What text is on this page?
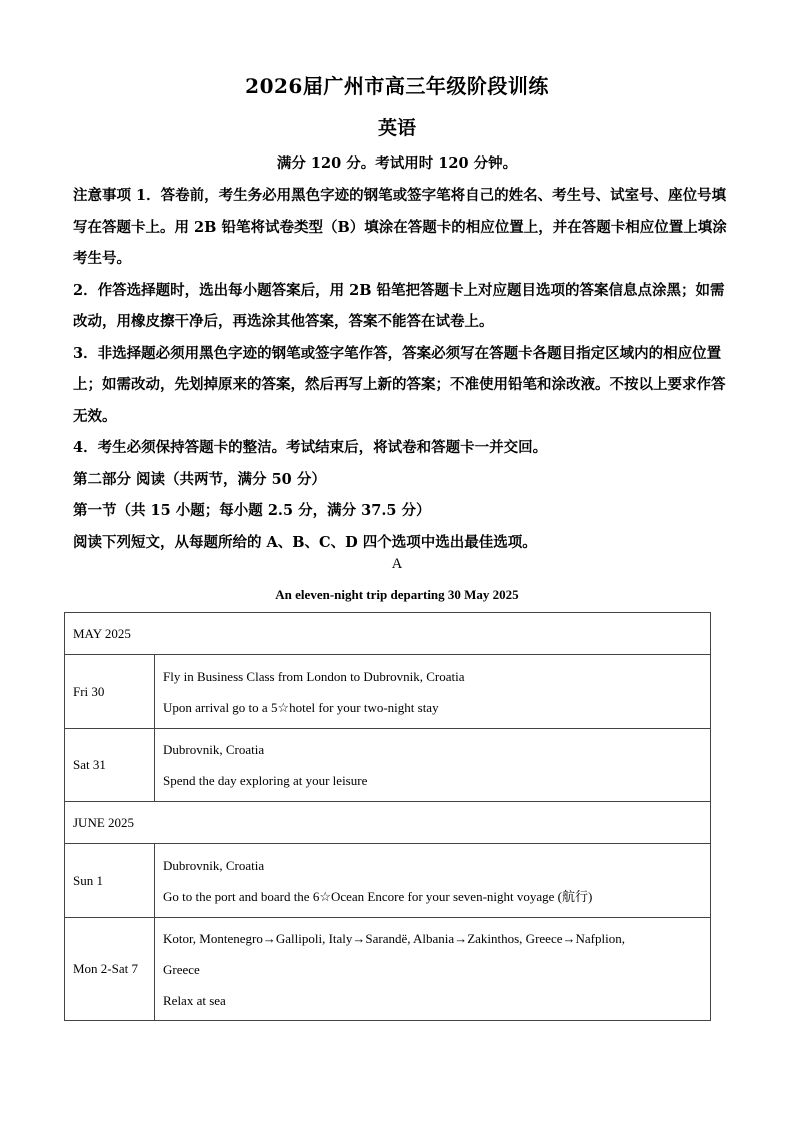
2026届广州市高三年级阶段训练
英语
满分 120 分。考试用时 120 分钟。

注意事项 1．答卷前，考生务必用黑色字迹的钢笔或签字笔将自己的姓名、考生号、试室号、座位号填写在答题卡上。用 2B 铅笔将试卷类型（B）填涂在答题卡的相应位置上，并在答题卡相应位置上填涂考生号。

2．作答选择题时，选出每小题答案后，用 2B 铅笔把答题卡上对应题目选项的答案信息点涂黑；如需改动，用橡皮擦干净后，再选涂其他答案，答案不能答在试卷上。

3．非选择题必须用黑色字迹的钢笔或签字笔作答，答案必须写在答题卡各题目指定区域内的相应位置上；如需改动，先划掉原来的答案，然后再写上新的答案；不准使用铅笔和涂改液。不按以上要求作答无效。

4．考生必须保持答题卡的整洁。考试结束后，将试卷和答题卡一并交回。

第二部分 阅读（共两节，满分 50 分）

第一节（共 15 小题；每小题 2.5 分，满分 37.5 分）

阅读下列短文，从每题所给的 A、B、C、D 四个选项中选出最佳选项。

A
An eleven-night trip departing 30 May 2025
MAY 2025	
Fri 30	Fly in Business Class from London to Dubrovnik, Croatia
Upon arrival go to a 5☆hotel for your two-night stay

Sat 31	Dubrovnik, Croatia
Spend the day exploring at your leisure

JUNE 2025	
Sun 1	Dubrovnik, Croatia
Go to the port and board the 6☆Ocean Encore for your seven-night voyage (航行)

Mon 2-Sat 7	Kotor, Montenegro→Gallipoli, Italy→Sarandë, Albania→Zakinthos, Greece→Nafplion,
Greece
Relax at sea
